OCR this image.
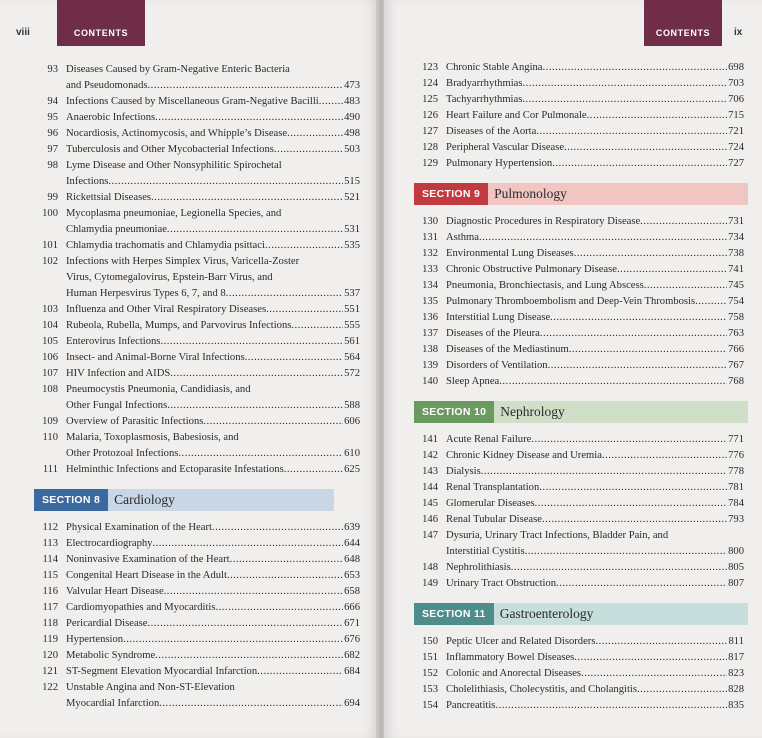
viii	CONTENTS
93 Diseases Caused by Gram-Negative Enteric Bacteria
and Pseudomonads .....	473
94 Infections Caused by Miscellaneous Gram-Negative Bacilli ..... 483
95 Anaerobic Infections .....	490
96 Nocardiosis, Actinomycosis, and Whipple’s Disease .....	498
97 Tuberculosis and Other Mycobacterial Infections .....	503
98 Lyme Disease and Other Nonsyphilitic Spirochetal
Infections .....	515
99 Rickettsial Diseases .....	521
100 Mycoplasma pneumoniae, Legionella Species, and
Chlamydia pneumoniae .....	531
101 Chlamydia trachomatis and Chlamydia psittaci .....	535
102 Infections with Herpes Simplex Virus, Varicella-Zoster
Virus, Cytomegalovirus, Epstein-Barr Virus, and
Human Herpesvirus Types 6, 7, and 8 .....	537
103 Influenza and Other Viral Respiratory Diseases .....	551
104 Rubeola, Rubella, Mumps, and Parvovirus Infections .....	555
105 Enterovirus Infections .....	561
106 Insect- and Animal-Borne Viral Infections .....	564
107 HIV Infection and AIDS .....	572
108 Pneumocystis Pneumonia, Candidiasis, and
Other Fungal Infections .....	588
109 Overview of Parasitic Infections .....	606
110 Malaria, Toxoplasmosis, Babesiosis, and
Other Protozoal Infections .....	610
111 Helminthic Infections and Ectoparasite Infestations .....	625
SECTION 8	Cardiology
112 Physical Examination of the Heart .....	639
113 Electrocardiography .....	644
114 Noninvasive Examination of the Heart .....	648
115 Congenital Heart Disease in the Adult .....	653
116 Valvular Heart Disease .....	658
117 Cardiomyopathies and Myocarditis .....	666
118 Pericardial Disease .....	671
119 Hypertension .....	676
120 Metabolic Syndrome .....	682
121 ST-Segment Elevation Myocardial Infarction .....	684
122 Unstable Angina and Non-ST-Elevation
Myocardial Infarction .....	694
CONTENTS	ix
123 Chronic Stable Angina .....	698
124 Bradyarrhythmias .....	703
125 Tachyarrhythmias .....	706
126 Heart Failure and Cor Pulmonale .....	715
127 Diseases of the Aorta .....	721
128 Peripheral Vascular Disease .....	724
129 Pulmonary Hypertension .....	727
SECTION 9	Pulmonology
130 Diagnostic Procedures in Respiratory Disease .....	731
131 Asthma .....	734
132 Environmental Lung Diseases .....	738
133 Chronic Obstructive Pulmonary Disease .....	741
134 Pneumonia, Bronchiectasis, and Lung Abscess .....	745
135 Pulmonary Thromboembolism and Deep-Vein Thrombosis .....	754
136 Interstitial Lung Disease .....	758
137 Diseases of the Pleura .....	763
138 Diseases of the Mediastinum .....	766
139 Disorders of Ventilation .....	767
140 Sleep Apnea .....	768
SECTION 10	Nephrology
141 Acute Renal Failure .....	771
142 Chronic Kidney Disease and Uremia .....	776
143 Dialysis .....	778
144 Renal Transplantation .....	781
145 Glomerular Diseases .....	784
146 Renal Tubular Disease .....	793
147 Dysuria, Urinary Tract Infections, Bladder Pain, and
Interstitial Cystitis .....	800
148 Nephrolithiasis .....	805
149 Urinary Tract Obstruction .....	807
SECTION 11	Gastroenterology
150 Peptic Ulcer and Related Disorders .....	811
151 Inflammatory Bowel Diseases .....	817
152 Colonic and Anorectal Diseases .....	823
153 Cholelithiasis, Cholecystitis, and Cholangitis .....	828
154 Pancreatitis .....	835
